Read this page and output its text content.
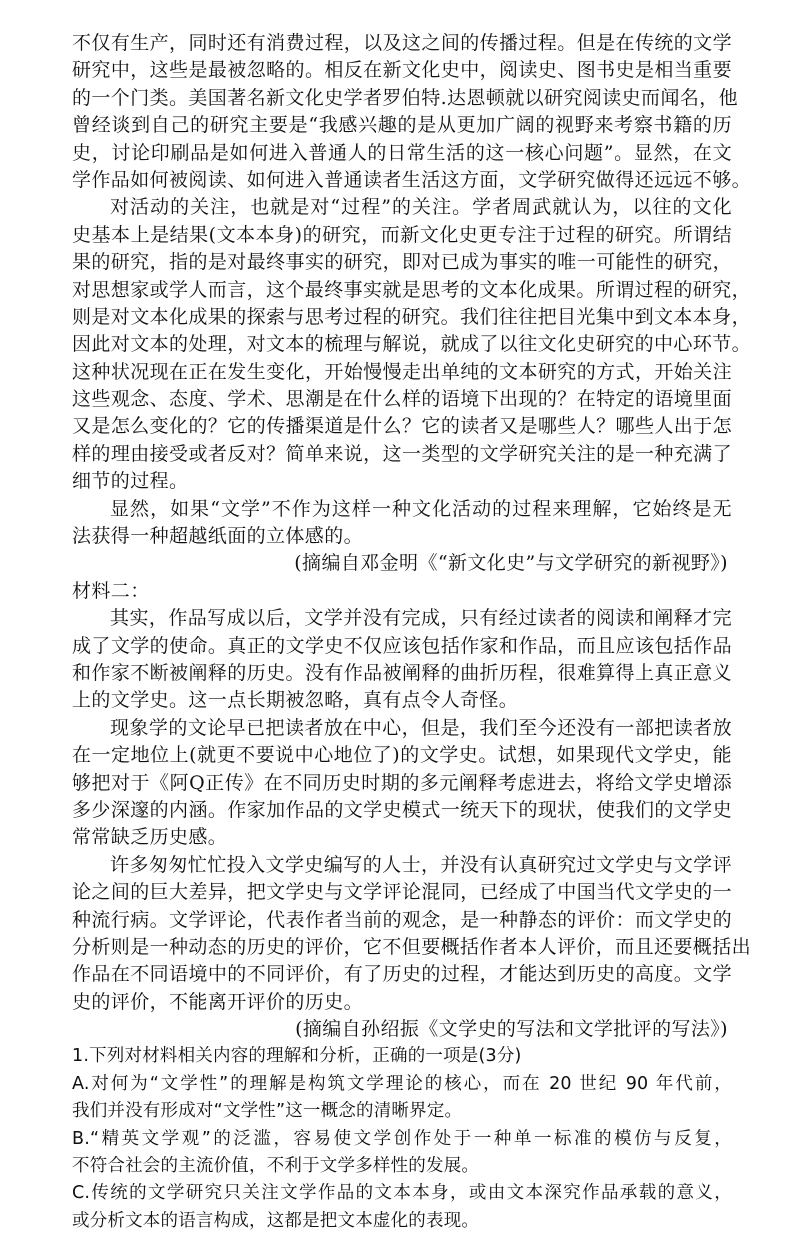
不仅有生产，同时还有消费过程，以及这之间的传播过程。但是在传统的文学
研究中，这些是最被忽略的。相反在新文化史中，阅读史、图书史是相当重要
的一个门类。美国著名新文化史学者罗伯特.达恩顿就以研究阅读史而闻名，他
曾经谈到自己的研究主要是“我感兴趣的是从更加广阔的视野来考察书籍的历
史，讨论印刷品是如何进入普通人的日常生活的这一核心问题”。显然，在文
学作品如何被阅读、如何进入普通读者生活这方面，文学研究做得还远远不够。
对活动的关注，也就是对“过程”的关注。学者周武就认为，以往的文化
史基本上是结果(文本本身)的研究，而新文化史更专注于过程的研究。所谓结
果的研究，指的是对最终事实的研究，即对已成为事实的唯一可能性的研究，
对思想家或学人而言，这个最终事实就是思考的文本化成果。所谓过程的研究，
则是对文本化成果的探索与思考过程的研究。我们往往把目光集中到文本本身，
因此对文本的处理，对文本的梳理与解说，就成了以往文化史研究的中心环节。
这种状况现在正在发生变化，开始慢慢走出单纯的文本研究的方式，开始关注
这些观念、态度、学术、思潮是在什么样的语境下出现的？在特定的语境里面
又是怎么变化的？它的传播渠道是什么？它的读者又是哪些人？哪些人出于怎
样的理由接受或者反对？简单来说，这一类型的文学研究关注的是一种充满了
细节的过程。
显然，如果“文学”不作为这样一种文化活动的过程来理解，它始终是无
法获得一种超越纸面的立体感的。
(摘编自邓金明《“新文化史”与文学研究的新视野》)
材料二：
其实，作品写成以后，文学并没有完成，只有经过读者的阅读和阐释才完
成了文学的使命。真正的文学史不仅应该包括作家和作品，而且应该包括作品
和作家不断被阐释的历史。没有作品被阐释的曲折历程，很难算得上真正意义
上的文学史。这一点长期被忽略，真有点令人奇怪。
现象学的文论早已把读者放在中心，但是，我们至今还没有一部把读者放
在一定地位上(就更不要说中心地位了)的文学史。试想，如果现代文学史，能
够把对于《阿Q正传》在不同历史时期的多元阐释考虑进去，将给文学史增添
多少深邃的内涵。作家加作品的文学史模式一统天下的现状，使我们的文学史
常常缺乏历史感。
许多匆匆忙忙投入文学史编写的人士，并没有认真研究过文学史与文学评
论之间的巨大差异，把文学史与文学评论混同，已经成了中国当代文学史的一
种流行病。文学评论，代表作者当前的观念，是一种静态的评价：而文学史的
分析则是一种动态的历史的评价，它不但要概括作者本人评价，而且还要概括出
作品在不同语境中的不同评价，有了历史的过程，才能达到历史的高度。文学
史的评价，不能离开评价的历史。
(摘编自孙绍振《文学史的写法和文学批评的写法》)
1.下列对材料相关内容的理解和分析，正确的一项是(3分)
A.对何为“文学性”的理解是构筑文学理论的核心，而在 20 世纪 90 年代前，
我们并没有形成对“文学性”这一概念的清晰界定。
B.“精英文学观”的泛滥，容易使文学创作处于一种单一标准的模仿与反复，
不符合社会的主流价值，不利于文学多样性的发展。
C.传统的文学研究只关注文学作品的文本本身，或由文本深究作品承载的意义，
或分析文本的语言构成，这都是把文本虚化的表现。
